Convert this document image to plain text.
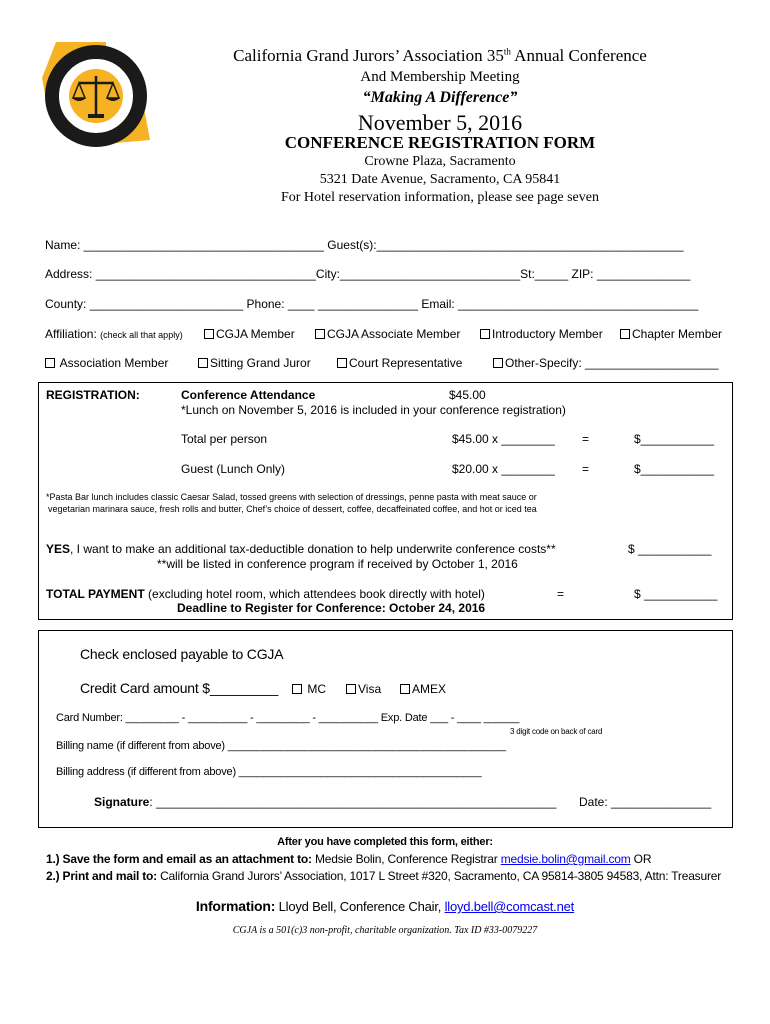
California Grand Jurors’ Association 35th Annual Conference
And Membership Meeting
“Making A Difference”
November 5, 2016
CONFERENCE REGISTRATION FORM
Crowne Plaza, Sacramento
5321 Date Avenue, Sacramento, CA 95841
For Hotel reservation information, please see page seven
Name: ____________________________________ Guest(s):______________________________________________
Address: _________________________________City:___________________________St:_____ ZIP: ______________
County: _______________________ Phone: ____ _______________ Email: ____________________________________
Affiliation: (check all that apply)	CGJA Member	CGJA Associate Member	Introductory Member	Chapter Member
Association Member	Sitting Grand Juror	Court Representative	Other-Specify: ____________________
REGISTRATION:	Conference Attendance	$45.00
*Lunch on November 5, 2016 is included in your conference registration)
Total per person	$45.00 x ________ =	$___________
Guest (Lunch Only)	$20.00 x ________ =	$___________
*Pasta Bar lunch includes classic Caesar Salad, tossed greens with selection of dressings, penne pasta with meat sauce or
vegetarian marinara sauce, fresh rolls and butter, Chef’s choice of dessert, coffee, decaffeinated coffee, and hot or iced tea
YES, I want to make an additional tax-deductible donation to help underwrite conference costs**	$ ___________
**will be listed in conference program if received by October 1, 2016
TOTAL PAYMENT (excluding hotel room, which attendees book directly with hotel)	=	$ ___________
Deadline to Register for Conference: October 24, 2016
Check enclosed payable to CGJA
Credit Card amount $_________	MC	Visa	AMEX
Card Number: _________ - __________ - _________ - __________ Exp. Date ___ - ____ ______
3 digit code on back of card
Billing name (if different from above) _______________________________________________
Billing address (if different from above) _________________________________________
Signature: ____________________________________________________________ Date: _______________
After you have completed this form, either:
1.) Save the form and email as an attachment to: Medsie Bolin, Conference Registrar medsie.bolin@gmail.com OR
2.) Print and mail to: California Grand Jurors’ Association, 1017 L Street #320, Sacramento, CA 95814-3805 94583, Attn: Treasurer
Information: Lloyd Bell, Conference Chair, lloyd.bell@comcast.net
CGJA is a 501(c)3 non-profit, charitable organization. Tax ID #33-0079227
